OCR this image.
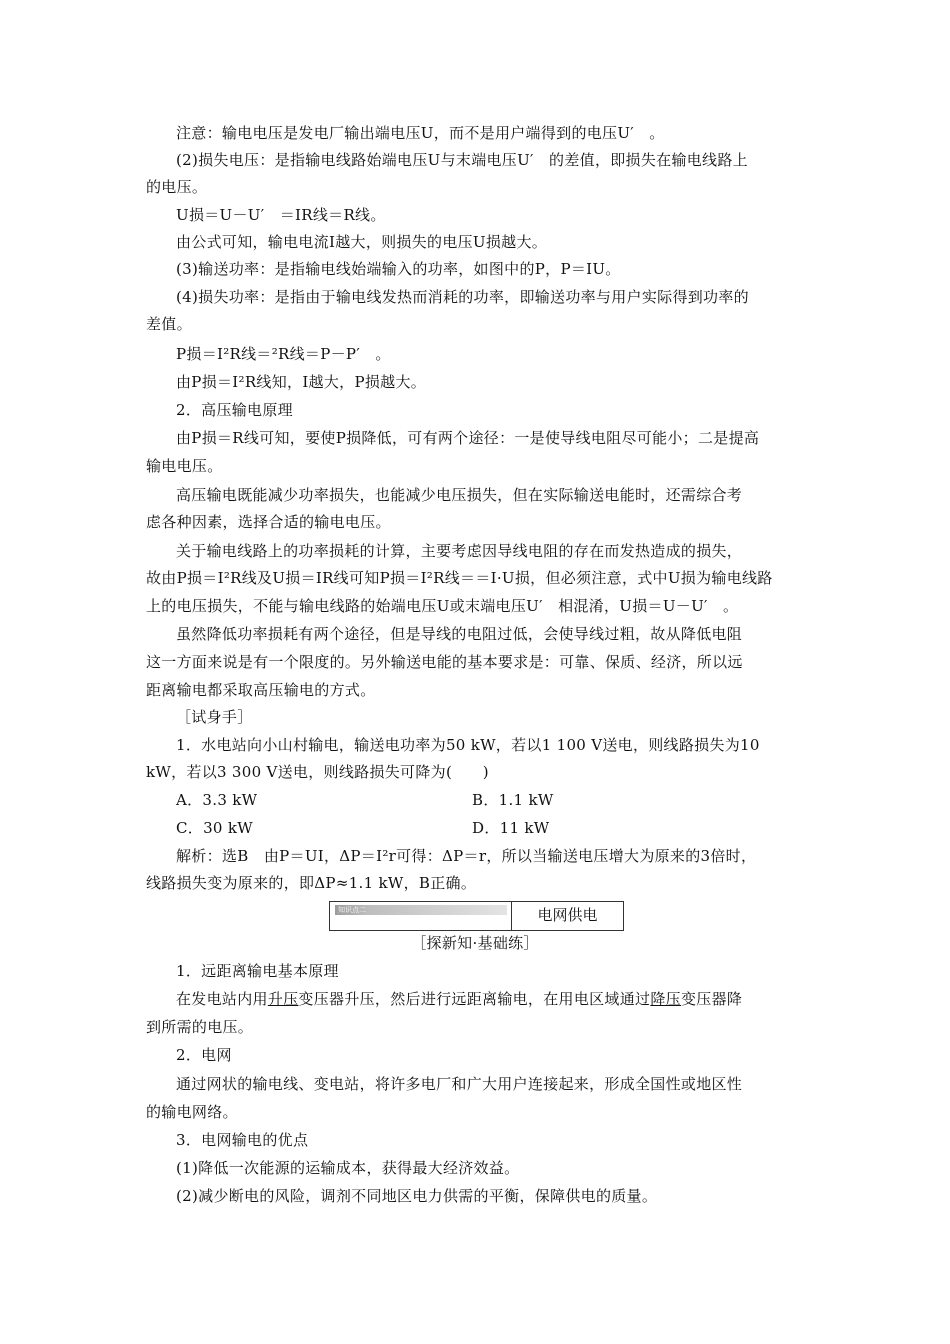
注意：输电电压是发电厂输出端电压U，而不是用户端得到的电压U′　。
(2)损失电压：是指输电线路始端电压U与末端电压U′　的差值，即损失在输电线路上
的电压。
U损＝U－U′　＝IR线＝R线。
由公式可知，输电电流I越大，则损失的电压U损越大。
(3)输送功率：是指输电线始端输入的功率，如图中的P，P＝IU。
(4)损失功率：是指由于输电线发热而消耗的功率，即输送功率与用户实际得到功率的
差值。
P损＝I²R线＝²R线＝P－P′　。
由P损＝I²R线知，I越大，P损越大。
2．高压输电原理
由P损＝R线可知，要使P损降低，可有两个途径：一是使导线电阻尽可能小；二是提高
输电电压。
高压输电既能减少功率损失，也能减少电压损失，但在实际输送电能时，还需综合考
虑各种因素，选择合适的输电电压。
关于输电线路上的功率损耗的计算，主要考虑因导线电阻的存在而发热造成的损失，
故由P损＝I²R线及U损＝IR线可知P损＝I²R线＝＝I·U损，但必须注意，式中U损为输电线路
上的电压损失，不能与输电线路的始端电压U或末端电压U′　相混淆，U损＝U－U′　。
虽然降低功率损耗有两个途径，但是导线的电阻过低，会使导线过粗，故从降低电阻
这一方面来说是有一个限度的。另外输送电能的基本要求是：可靠、保质、经济，所以远
距离输电都采取高压输电的方式。
［试身手］
1．水电站向小山村输电，输送电功率为50 kW，若以1 100 V送电，则线路损失为10
kW，若以3 300 V送电，则线路损失可降为(　　)
A．3.3 kW	B．1.1 kW
C．30 kW	D．11 kW
解析：选B　由P＝UI，ΔP＝I²r可得：ΔP＝r，所以当输送电压增大为原来的3倍时，
线路损失变为原来的，即ΔP≈1.1 kW，B正确。
知识点二	电网供电
［探新知·基础练］
1．远距离输电基本原理
在发电站内用升压变压器升压，然后进行远距离输电，在用电区域通过降压变压器降
到所需的电压。
2．电网
通过网状的输电线、变电站，将许多电厂和广大用户连接起来，形成全国性或地区性
的输电网络。
3．电网输电的优点
(1)降低一次能源的运输成本，获得最大经济效益。
(2)减少断电的风险，调剂不同地区电力供需的平衡，保障供电的质量。
